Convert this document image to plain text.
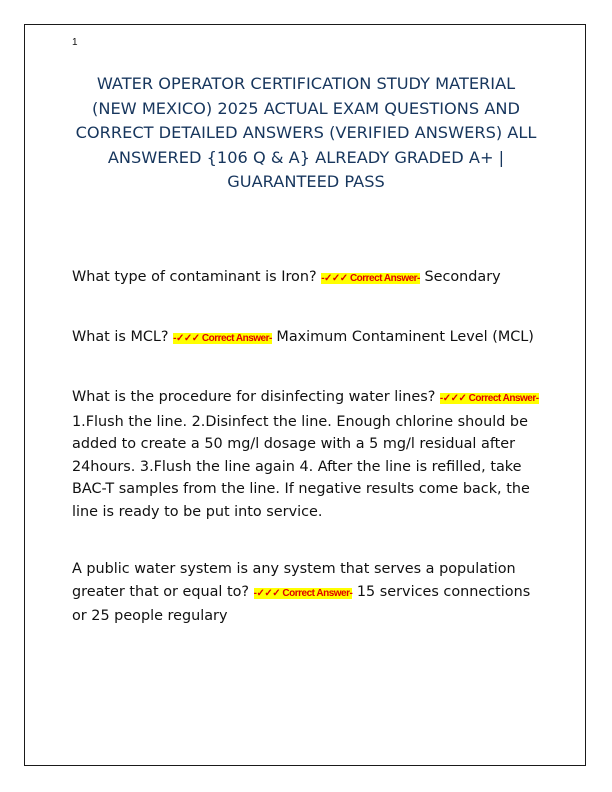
1
WATER OPERATOR CERTIFICATION STUDY MATERIAL (NEW MEXICO) 2025 ACTUAL EXAM QUESTIONS AND CORRECT DETAILED ANSWERS (VERIFIED ANSWERS) ALL ANSWERED {106 Q & A} ALREADY GRADED A+ | GUARANTEED PASS
What type of contaminant is Iron? -✓✓✓ Correct Answer- Secondary
What is MCL? -✓✓✓ Correct Answer- Maximum Contaminent Level (MCL)
What is the procedure for disinfecting water lines? -✓✓✓ Correct Answer- 1.Flush the line. 2.Disinfect the line. Enough chlorine should be added to create a 50 mg/l dosage with a 5 mg/l residual after 24hours. 3.Flush the line again 4. After the line is refilled, take BAC-T samples from the line. If negative results come back, the line is ready to be put into service.
A public water system is any system that serves a population greater that or equal to? -✓✓✓ Correct Answer- 15 services connections or 25 people regulary
